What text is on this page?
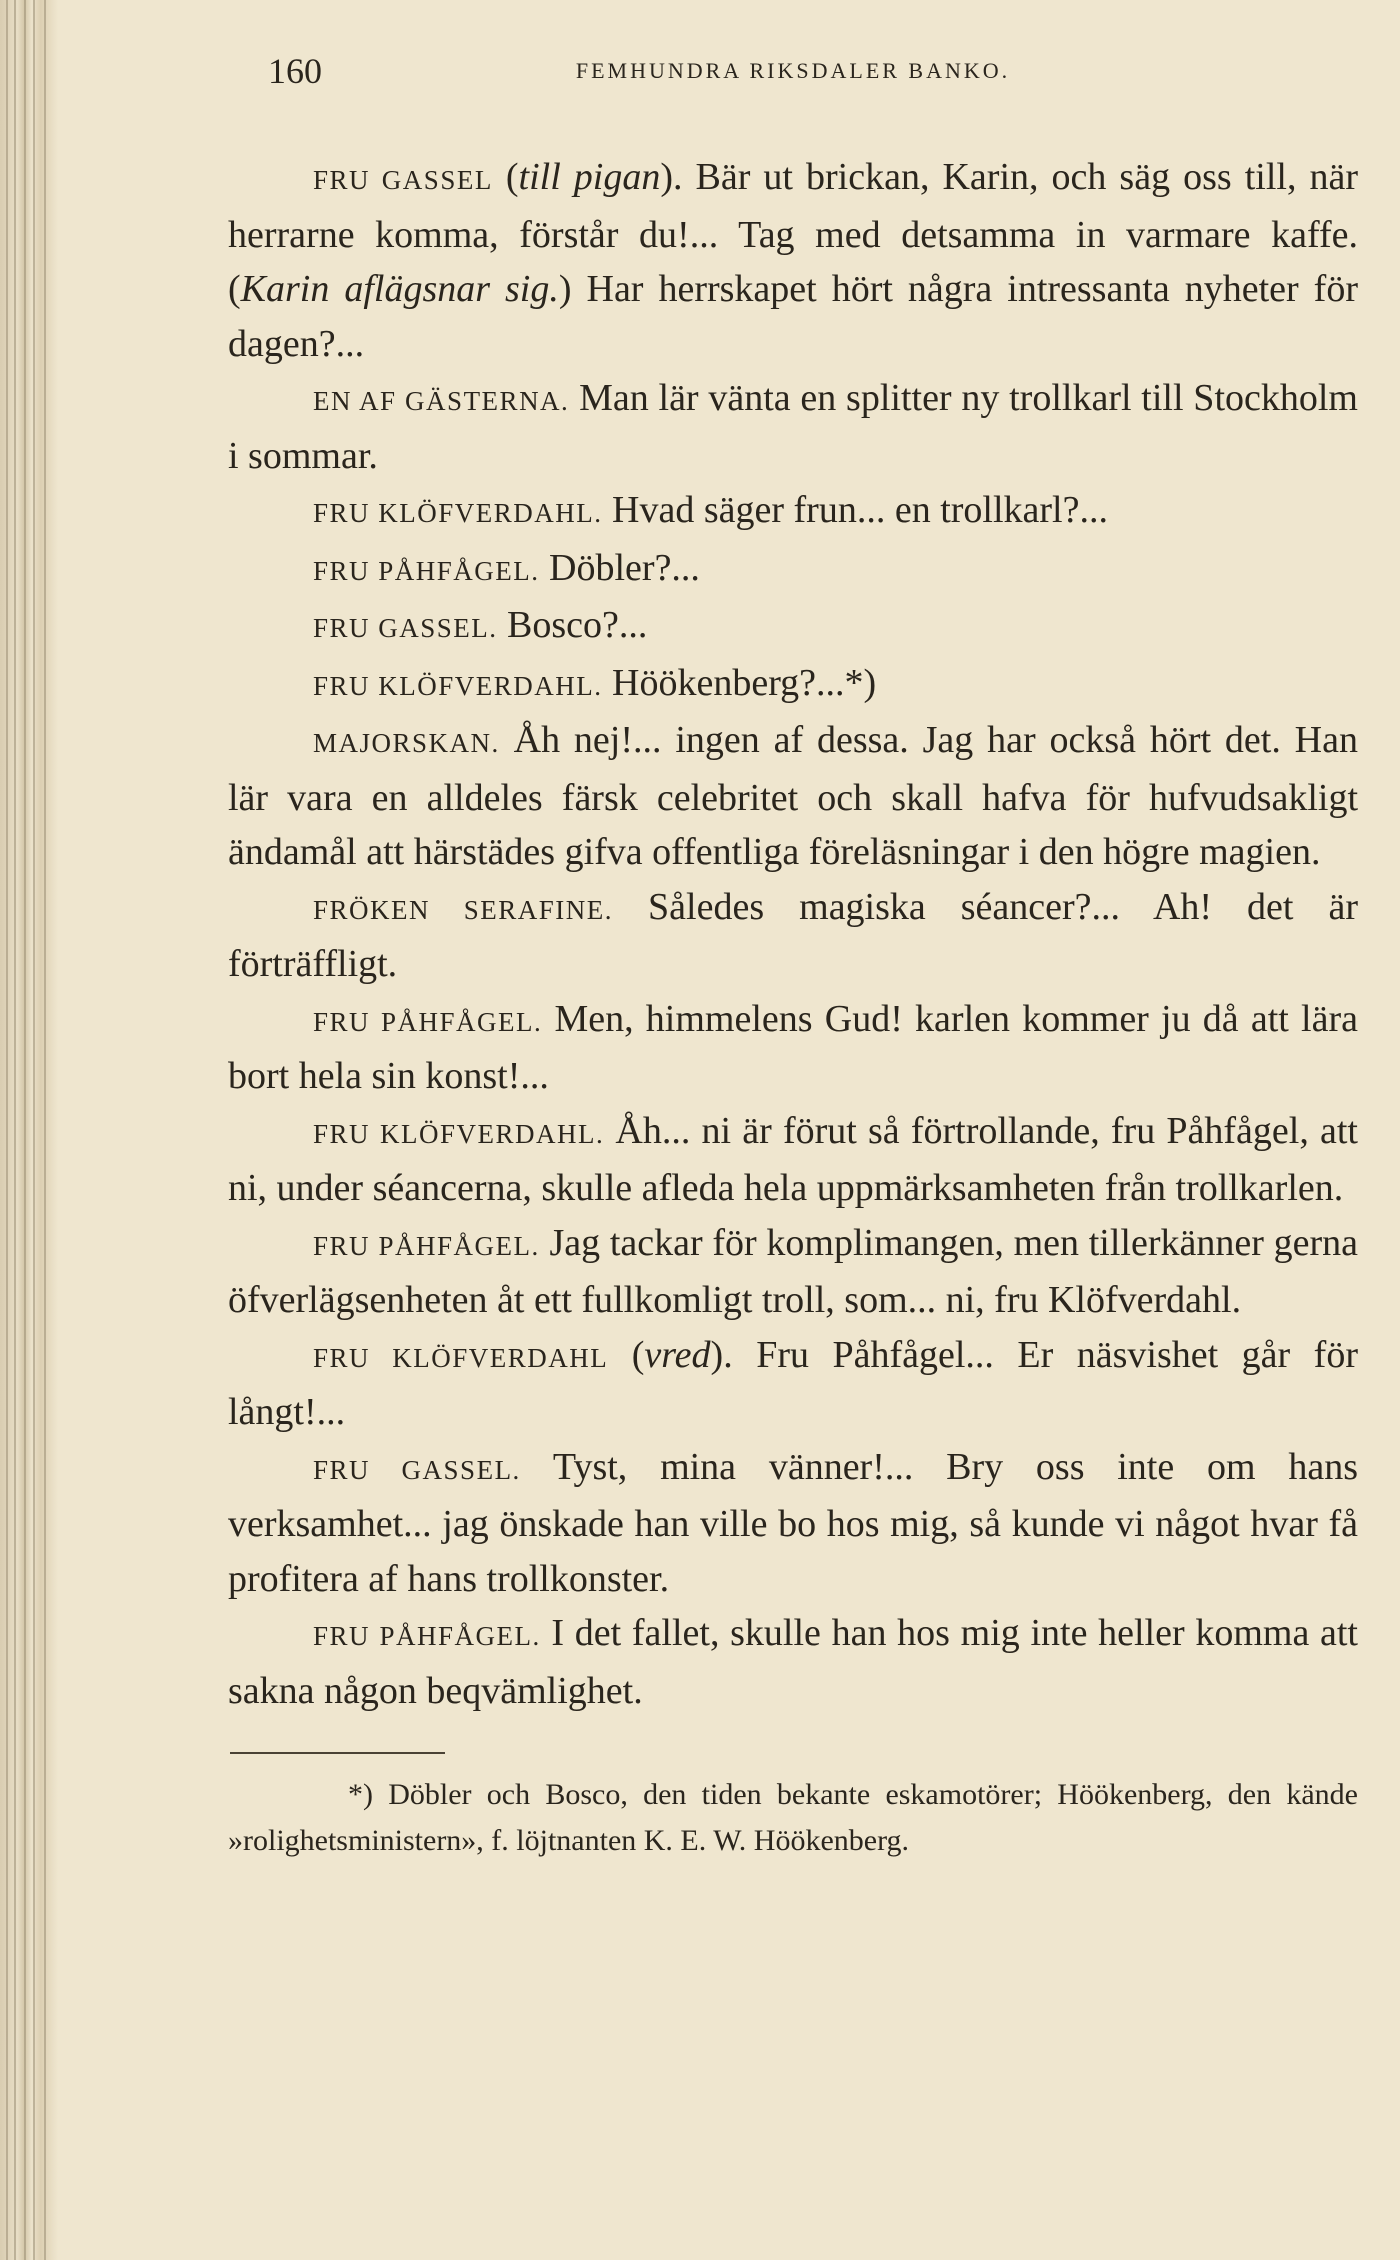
160	FEMHUNDRA RIKSDALER BANKO.

FRU GASSEL (till pigan). Bär ut brickan, Karin, och säg oss till, när herrarne komma, förstår du!... Tag med detsamma in varmare kaffe. (Karin aflägsnar sig.) Har herrskapet hört några intressanta nyheter för dagen?...

EN AF GÄSTERNA. Man lär vänta en splitter ny trollkarl till Stockholm i sommar.

FRU KLÖFVERDAHL. Hvad säger frun... en trollkarl?...

FRU PÅHFÅGEL. Döbler?...

FRU GASSEL. Bosco?...

FRU KLÖFVERDAHL. Höökenberg?...*)

MAJORSKAN. Åh nej!... ingen af dessa. Jag har också hört det. Han lär vara en alldeles färsk celebritet och skall hafva för hufvudsakligt ändamål att härstädes gifva offentliga föreläsningar i den högre magien.

FRÖKEN SERAFINE. Således magiska séancer?... Ah! det är förträffligt.

FRU PÅHFÅGEL. Men, himmelens Gud! karlen kommer ju då att lära bort hela sin konst!...

FRU KLÖFVERDAHL. Åh... ni är förut så förtrollande, fru Påhfågel, att ni, under séancerna, skulle afleda hela uppmärksamheten från trollkarlen.

FRU PÅHFÅGEL. Jag tackar för komplimangen, men tillerkänner gerna öfverlägsenheten åt ett fullkomligt troll, som... ni, fru Klöfverdahl.

FRU KLÖFVERDAHL (vred). Fru Påhfågel... Er näsvishet går för långt!...

FRU GASSEL. Tyst, mina vänner!... Bry oss inte om hans verksamhet... jag önskade han ville bo hos mig, så kunde vi något hvar få profitera af hans trollkonster.

FRU PÅHFÅGEL. I det fallet, skulle han hos mig inte heller komma att sakna någon beqvämlighet.

*) Döbler och Bosco, den tiden bekante eskamotörer; Höökenberg, den kände »rolighetsministern», f. löjtnanten K. E. W. Höökenberg.
